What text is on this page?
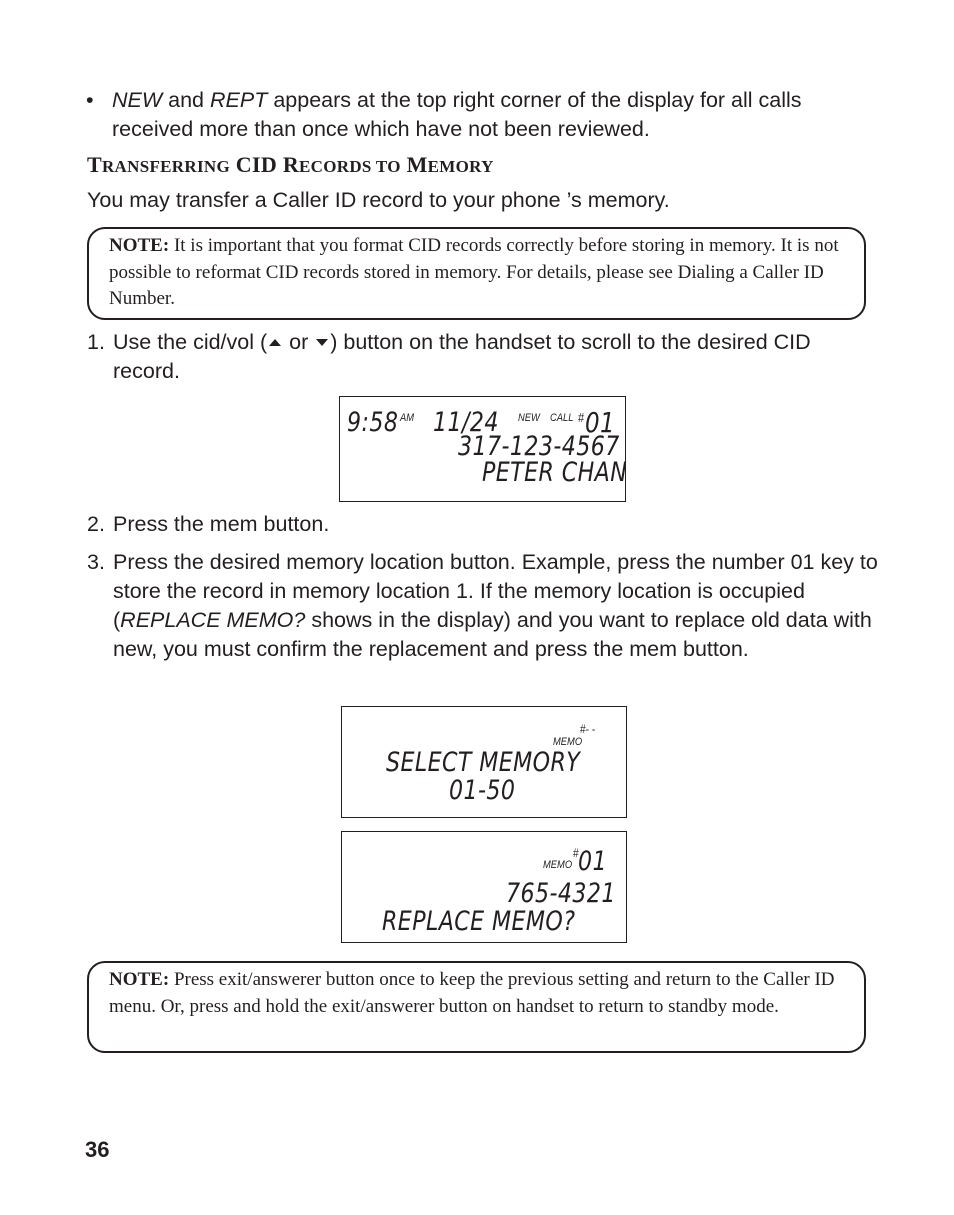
• NEW and REPT appears at the top right corner of the display for all calls received more than once which have not been reviewed.
TRANSFERRING CID RECORDS TO MEMORY
You may transfer a Caller ID record to your phone ’s memory.
NOTE: It is important that you format CID records correctly before storing in memory. It is not possible to reformat CID records stored in memory. For details, please see Dialing a Caller ID Number.
1. Use the cid/vol ( or ) button on the handset to scroll to the desired CID record.
9:58 AM 11/24 NEW CALL # 01
317-123-4567
PETER CHAN
2. Press the mem button.
3. Press the desired memory location button. Example, press the number 01 key to store the record in memory location 1. If the memory location is occupied (REPLACE MEMO? shows in the display) and you want to replace old data with new, you must confirm the replacement and press the mem button.
#- -
MEMO
SELECT MEMORY
01-50
MEMO
# 01
765-4321
REPLACE MEMO?
NOTE: Press exit/answerer button once to keep the previous setting and return to the Caller ID menu. Or, press and hold the exit/answerer button on handset to return to standby mode.
36
